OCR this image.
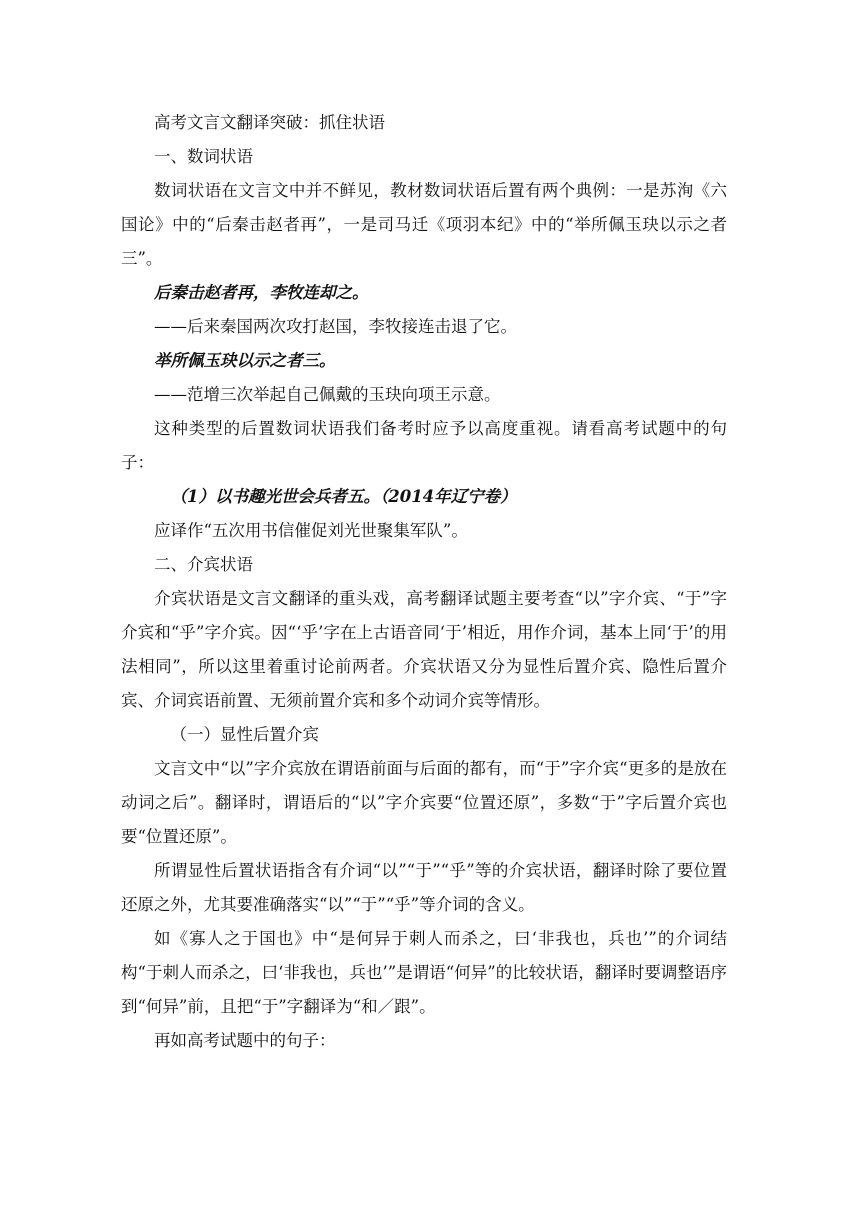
高考文言文翻译突破：抓住状语

一、数词状语

数词状语在文言文中并不鲜见，教材数词状语后置有两个典例：一是苏洵《六国论》中的“后秦击赵者再”，一是司马迁《项羽本纪》中的“举所佩玉玦以示之者三”。

后秦击赵者再，李牧连却之。

——后来秦国两次攻打赵国，李牧接连击退了它。

举所佩玉玦以示之者三。

——范增三次举起自己佩戴的玉玦向项王示意。

这种类型的后置数词状语我们备考时应予以高度重视。请看高考试题中的句子：

（1）以书趣光世会兵者五。（2014年辽宁卷）

应译作“五次用书信催促刘光世聚集军队”。

二、介宾状语

介宾状语是文言文翻译的重头戏，高考翻译试题主要考查“以”字介宾、“于”字介宾和“乎”字介宾。因“‘乎’字在上古语音同‘于’相近，用作介词，基本上同‘于’的用法相同”，所以这里着重讨论前两者。介宾状语又分为显性后置介宾、隐性后置介宾、介词宾语前置、无须前置介宾和多个动词介宾等情形。

（一）显性后置介宾

文言文中“以”字介宾放在谓语前面与后面的都有，而“于”字介宾“更多的是放在动词之后”。翻译时，谓语后的“以”字介宾要“位置还原”，多数“于”字后置介宾也要“位置还原”。

所谓显性后置状语指含有介词“以”“于”“乎”等的介宾状语，翻译时除了要位置还原之外，尤其要准确落实“以”“于”“乎”等介词的含义。

如《寡人之于国也》中“是何异于刺人而杀之，曰‘非我也，兵也’”的介词结构“于刺人而杀之，曰‘非我也，兵也’”是谓语“何异”的比较状语，翻译时要调整语序到“何异”前，且把“于”字翻译为“和／跟”。

再如高考试题中的句子：
